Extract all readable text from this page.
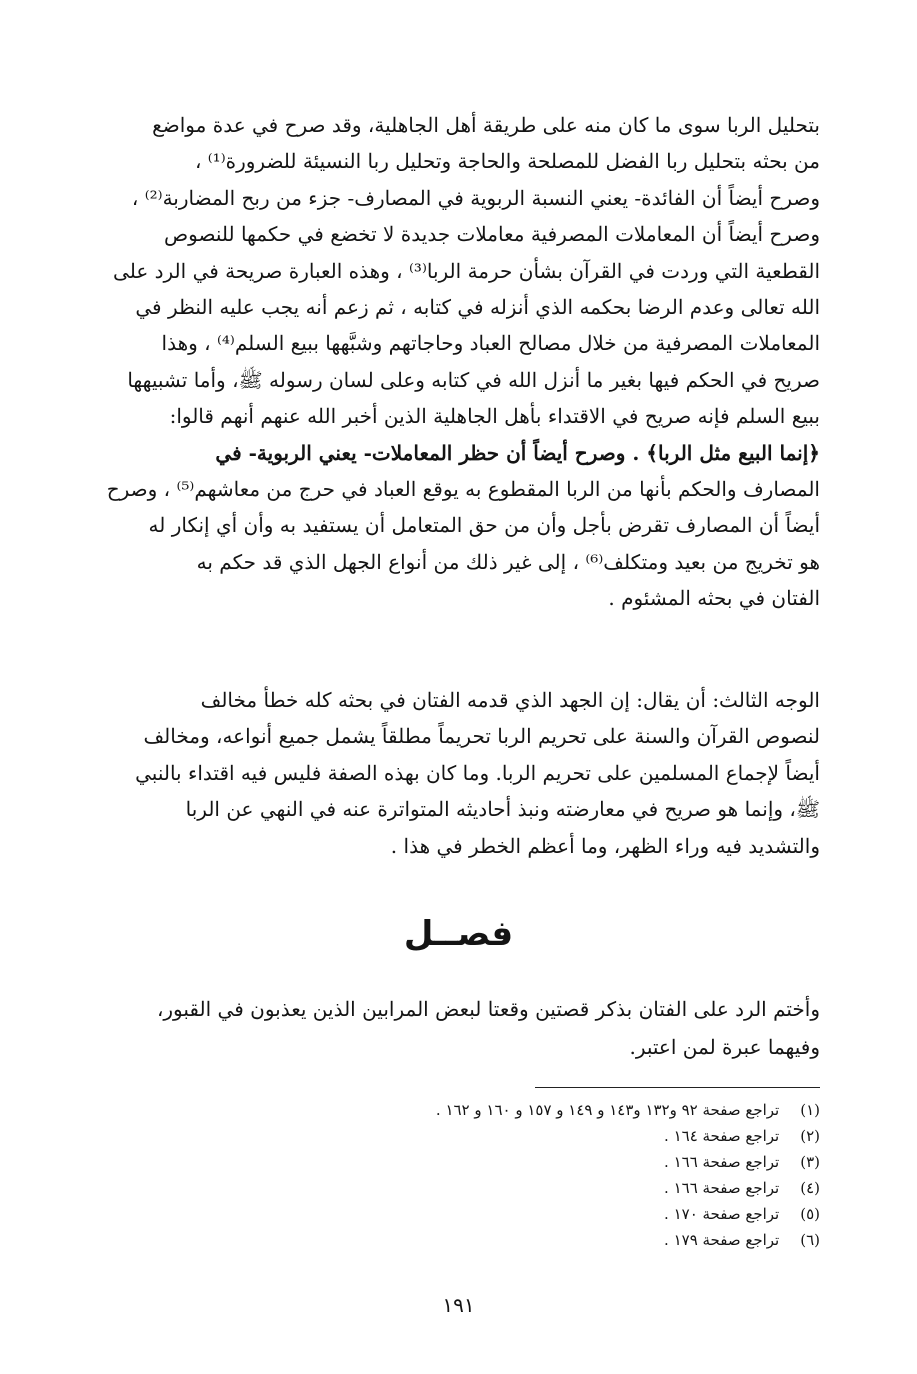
بتحليل الربا سوى ما كان منه على طريقة أهل الجاهلية، وقد صرح في عدة مواضع
من بحثه بتحليل ربا الفضل للمصلحة والحاجة وتحليل ربا النسيئة للضرورة⁽¹⁾ ،
وصرح أيضاً أن الفائدة- يعني النسبة الربوية في المصارف- جزء من ربح المضاربة⁽²⁾ ،
وصرح أيضاً أن المعاملات المصرفية معاملات جديدة لا تخضع في حكمها للنصوص
القطعية التي وردت في القرآن بشأن حرمة الربا⁽³⁾ ، وهذه العبارة صريحة في الرد على
الله تعالى وعدم الرضا بحكمه الذي أنزله في كتابه ، ثم زعم أنه يجب عليه النظر في
المعاملات المصرفية من خلال مصالح العباد وحاجاتهم وشبَّهها ببيع السلم⁽⁴⁾ ، وهذا
صريح في الحكم فيها بغير ما أنزل الله في كتابه وعلى لسان رسوله ﷺ، وأما تشبيهها
ببيع السلم فإنه صريح في الاقتداء بأهل الجاهلية الذين أخبر الله عنهم أنهم قالوا:
﴿إنما البيع مثل الربا﴾ . وصرح أيضاً أن حظر المعاملات- يعني الربوية- في
المصارف والحكم بأنها من الربا المقطوع به يوقع العباد في حرج من معاشهم⁽⁵⁾ ، وصرح
أيضاً أن المصارف تقرض بأجل وأن من حق المتعامل أن يستفيد به وأن أي إنكار له
هو تخريج من بعيد ومتكلف⁽⁶⁾ ، إلى غير ذلك من أنواع الجهل الذي قد حكم به
الفتان في بحثه المشئوم .
الوجه الثالث: أن يقال: إن الجهد الذي قدمه الفتان في بحثه كله خطأ مخالف
لنصوص القرآن والسنة على تحريم الربا تحريماً مطلقاً يشمل جميع أنواعه، ومخالف
أيضاً لإجماع المسلمين على تحريم الربا. وما كان بهذه الصفة فليس فيه اقتداء بالنبي
ﷺ، وإنما هو صريح في معارضته ونبذ أحاديثه المتواترة عنه في النهي عن الربا
والتشديد فيه وراء الظهر، وما أعظم الخطر في هذا .
فصــل
وأختم الرد على الفتان بذكر قصتين وقعتا لبعض المرابين الذين يعذبون في القبور،
وفيهما عبرة لمن اعتبر.
(١) تراجع صفحة ٩٢ و١٣٢ و١٤٣ و ١٤٩ و ١٥٧ و ١٦٠ و ١٦٢ .
(٢) تراجع صفحة ١٦٤ .
(٣) تراجع صفحة ١٦٦ .
(٤) تراجع صفحة ١٦٦ .
(٥) تراجع صفحة ١٧٠ .
(٦) تراجع صفحة ١٧٩ .
١٩١
